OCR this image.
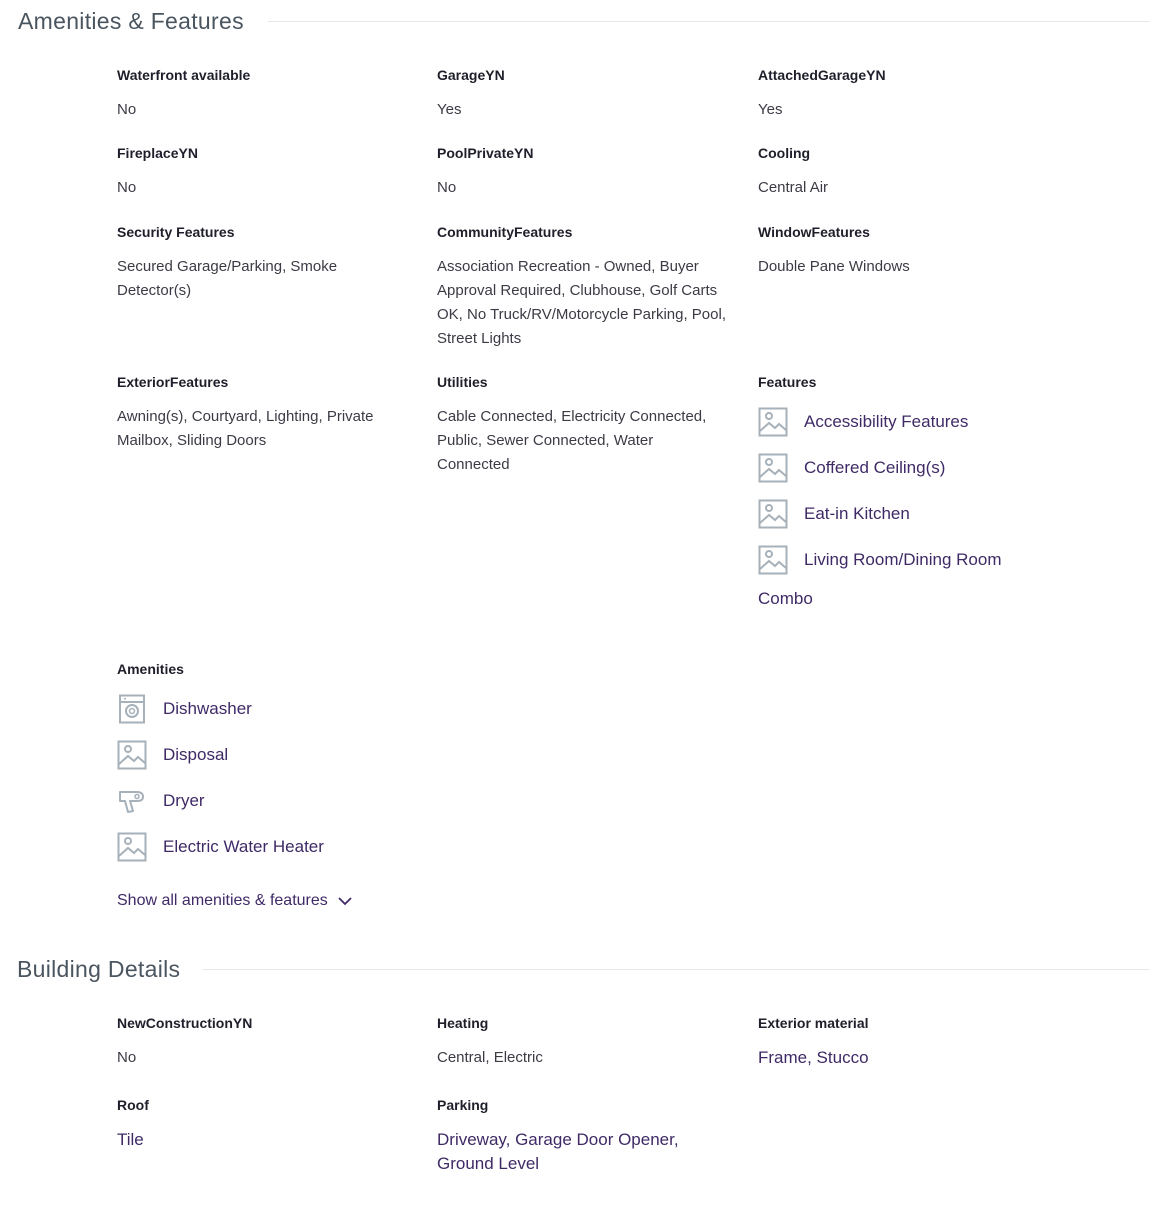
Amenities & Features
Waterfront available
No
GarageYN
Yes
AttachedGarageYN
Yes
FireplaceYN
No
PoolPrivateYN
No
Cooling
Central Air
Security Features
Secured Garage/Parking, Smoke Detector(s)
CommunityFeatures
Association Recreation - Owned, Buyer Approval Required, Clubhouse, Golf Carts OK, No Truck/RV/Motorcycle Parking, Pool, Street Lights
WindowFeatures
Double Pane Windows
ExteriorFeatures
Awning(s), Courtyard, Lighting, Private Mailbox, Sliding Doors
Utilities
Cable Connected, Electricity Connected, Public, Sewer Connected, Water Connected
Features
Accessibility Features
Coffered Ceiling(s)
Eat-in Kitchen
Living Room/Dining Room
Combo
Amenities
Dishwasher
Disposal
Dryer
Electric Water Heater
Show all amenities & features
Building Details
NewConstructionYN
No
Heating
Central, Electric
Exterior material
Frame, Stucco
Roof
Tile
Parking
Driveway, Garage Door Opener, Ground Level
